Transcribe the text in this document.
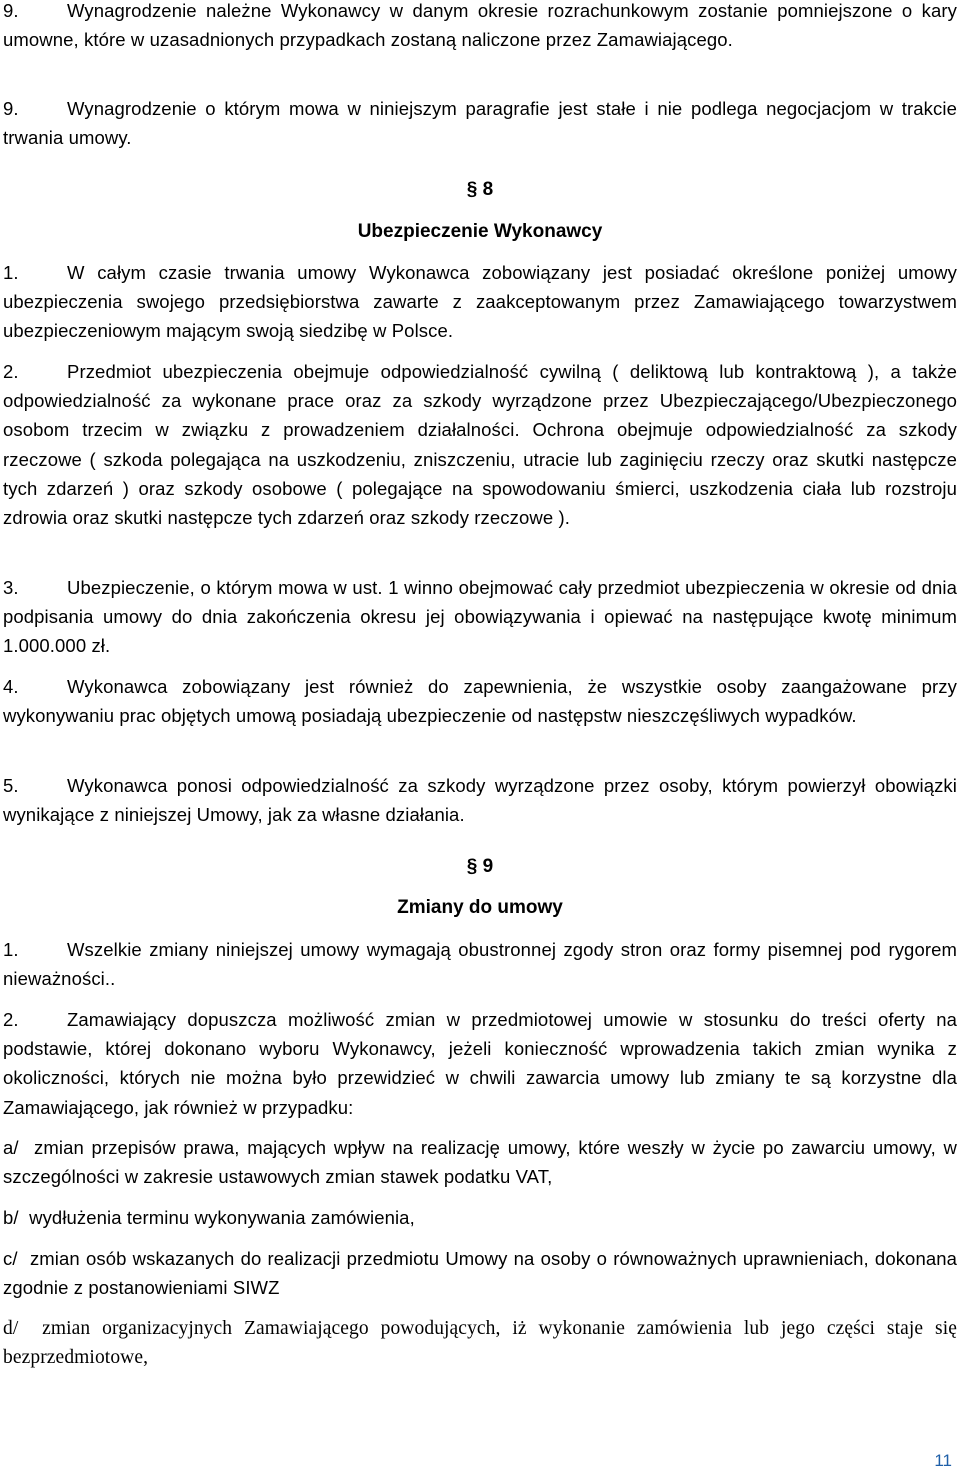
9.	Wynagrodzenie należne Wykonawcy w danym okresie rozrachunkowym zostanie pomniejszone o kary umowne, które w uzasadnionych przypadkach zostaną naliczone przez Zamawiającego.

9.	Wynagrodzenie o którym mowa w niniejszym paragrafie jest stałe i nie podlega negocjacjom w trakcie trwania umowy.

§ 8
Ubezpieczenie Wykonawcy

1.	W całym czasie trwania umowy Wykonawca zobowiązany jest posiadać określone poniżej umowy ubezpieczenia swojego przedsiębiorstwa zawarte z zaakceptowanym przez Zamawiającego towarzystwem ubezpieczeniowym mającym swoją siedzibę w Polsce.

2.	Przedmiot ubezpieczenia obejmuje odpowiedzialność cywilną ( deliktową lub kontraktową ), a także odpowiedzialność za wykonane prace oraz za szkody wyrządzone przez Ubezpieczającego/Ubezpieczonego osobom trzecim w związku z prowadzeniem działalności. Ochrona obejmuje odpowiedzialność za szkody rzeczowe ( szkoda polegająca na uszkodzeniu, zniszczeniu, utracie lub zaginięciu rzeczy oraz skutki następcze tych zdarzeń ) oraz szkody osobowe ( polegające na spowodowaniu śmierci, uszkodzenia ciała lub rozstroju zdrowia oraz skutki następcze tych zdarzeń oraz szkody rzeczowe ).

3.	Ubezpieczenie, o którym mowa w ust. 1 winno obejmować cały przedmiot ubezpieczenia w okresie od dnia podpisania umowy do dnia zakończenia okresu jej obowiązywania i opiewać na następujące kwotę minimum 1.000.000 zł.

4.	Wykonawca zobowiązany jest również do zapewnienia, że wszystkie osoby zaangażowane przy wykonywaniu prac objętych umową posiadają ubezpieczenie od następstw nieszczęśliwych wypadków.

5.	Wykonawca ponosi odpowiedzialność za szkody wyrządzone przez osoby, którym powierzył obowiązki wynikające z niniejszej Umowy, jak za własne działania.

§ 9
Zmiany do umowy

1.	Wszelkie zmiany niniejszej umowy wymagają obustronnej zgody stron oraz formy pisemnej pod rygorem nieważności..

2.	Zamawiający dopuszcza możliwość zmian w przedmiotowej umowie w stosunku do treści oferty na podstawie, której dokonano wyboru Wykonawcy, jeżeli konieczność wprowadzenia takich zmian wynika z okoliczności, których nie można było przewidzieć w chwili zawarcia umowy lub zmiany te są korzystne dla Zamawiającego, jak również w przypadku:

a/ zmian przepisów prawa, mających wpływ na realizację umowy, które weszły w życie po zawarciu umowy, w szczególności w zakresie ustawowych zmian stawek podatku VAT,

b/ wydłużenia terminu wykonywania zamówienia,

c/ zmian osób wskazanych do realizacji przedmiotu Umowy na osoby o równoważnych uprawnieniach, dokonana zgodnie z postanowieniami SIWZ

d/ zmian organizacyjnych Zamawiającego powodujących, iż wykonanie zamówienia lub jego części staje się bezprzedmiotowe,

11
